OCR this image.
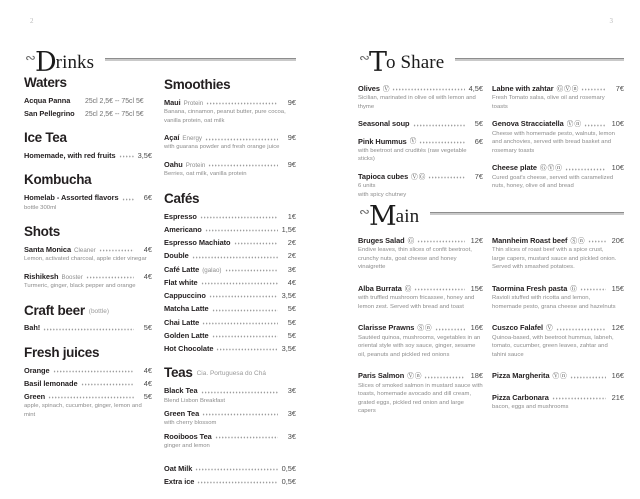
2	3
∾Drinks	∾To Share
∾Main
Waters
Acqua Panna	25cl 2,5€ -- 75cl 5€
San Pellegrino	25cl 2,5€ -- 75cl 5€
Ice Tea
Homemade, with red fruits	3,5€
Kombucha
Homelab - Assorted flavors	6€
bottle 300ml
Shots
Santa Monica Cleaner	4€
Lemon, activated charcoal, apple cider vinegar
Rishikesh Booster	4€
Turmeric, ginger, black pepper and orange
Craft beer (bottle)
Bah!	5€
Fresh juices
Orange	4€
Basil lemonade	4€
Green	5€
apple, spinach, cucumber, ginger, lemon and mint
Smoothies
Maui Protein	9€
Banana, cinnamon, peanut butter, pure cocoa, vanilla protein, oat milk
Açaí Energy	9€
with guarana powder and fresh orange juice
Oahu Protein	9€
Berries, oat milk, vanilla protein
Cafés
Espresso	1€
Americano	1,5€
Espresso Machiato	2€
Double	2€
Café Latte (galao)	3€
Flat white	4€
Cappuccino	3,5€
Matcha Latte	5€
Chai Latte	5€
Golden Latte	5€
Hot Chocolate	3,5€
Teas Cia. Portuguesa do Chá
Black Tea	3€
Blend Lisbon Breakfast
Green Tea	3€
with cherry blossom
Rooiboos Tea	3€
ginger and lemon
Oat Milk	0,5€
Extra ice	0,5€
Olives Ⓥ	4,5€
Sicilian, marinated in olive oil with lemon and thyme
Seasonal soup	5€
Pink Hummus Ⓥ	6€
with beetroot and crudités (raw vegetable sticks)
Tapioca cubes Ⓥ Ⓖ	7€
6 units
with spicy chutney
Labne with zahtar Ⓖ Ⓥ ⓝ	7€
Fresh Tomato salsa, olive oil and rosemary toasts
Genova Stracciatella Ⓥ ⓝ	10€
Cheese with homemade pesto, walnuts, lemon and anchovies, served with bread basket and rosemary toasts
Cheese plate Ⓖ Ⓥ ⓝ	10€
Cured goat's cheese, served with caramelized nuts, honey, olive oil and bread
Bruges Salad Ⓖ	12€
Endive leaves, thin slices of confit beetroot, crunchy nuts, goat cheese and honey vinaigrette
Alba Burrata Ⓖ	15€
with truffled mushroom fricassee, honey and lemon zest. Served with bread and toast
Clarisse Prawns Ⓢ ⓝ	16€
Sautéed quinoa, mushrooms, vegetables in an oriental style with soy sauce, ginger, sesame oil, peanuts and pickled red onions
Paris Salmon Ⓥ ⓝ	18€
Slices of smoked salmon in mustard sauce with toasts, homemade avocado and dill cream, grated eggs, pickled red onion and large capers
Mannheim Roast beef Ⓢ ⓝ	20€
Thin slices of roast beef with a spice crust, large capers, mustard sauce and pickled onion. Served with smashed potatoes.
Taormina Fresh pasta Ⓖ	15€
Ravioli stuffed with ricotta and lemon, homemade pesto, grana cheese and hazelnuts
Cuszco Falafel Ⓥ	12€
Quinoa-based, with beetroot hummus, labneh, tomato, cucumber, green leaves, zahtar and tahini sauce
Pizza Margherita Ⓥ ⓝ	16€
Pizza Carbonara	21€
bacon, eggs and mushrooms
